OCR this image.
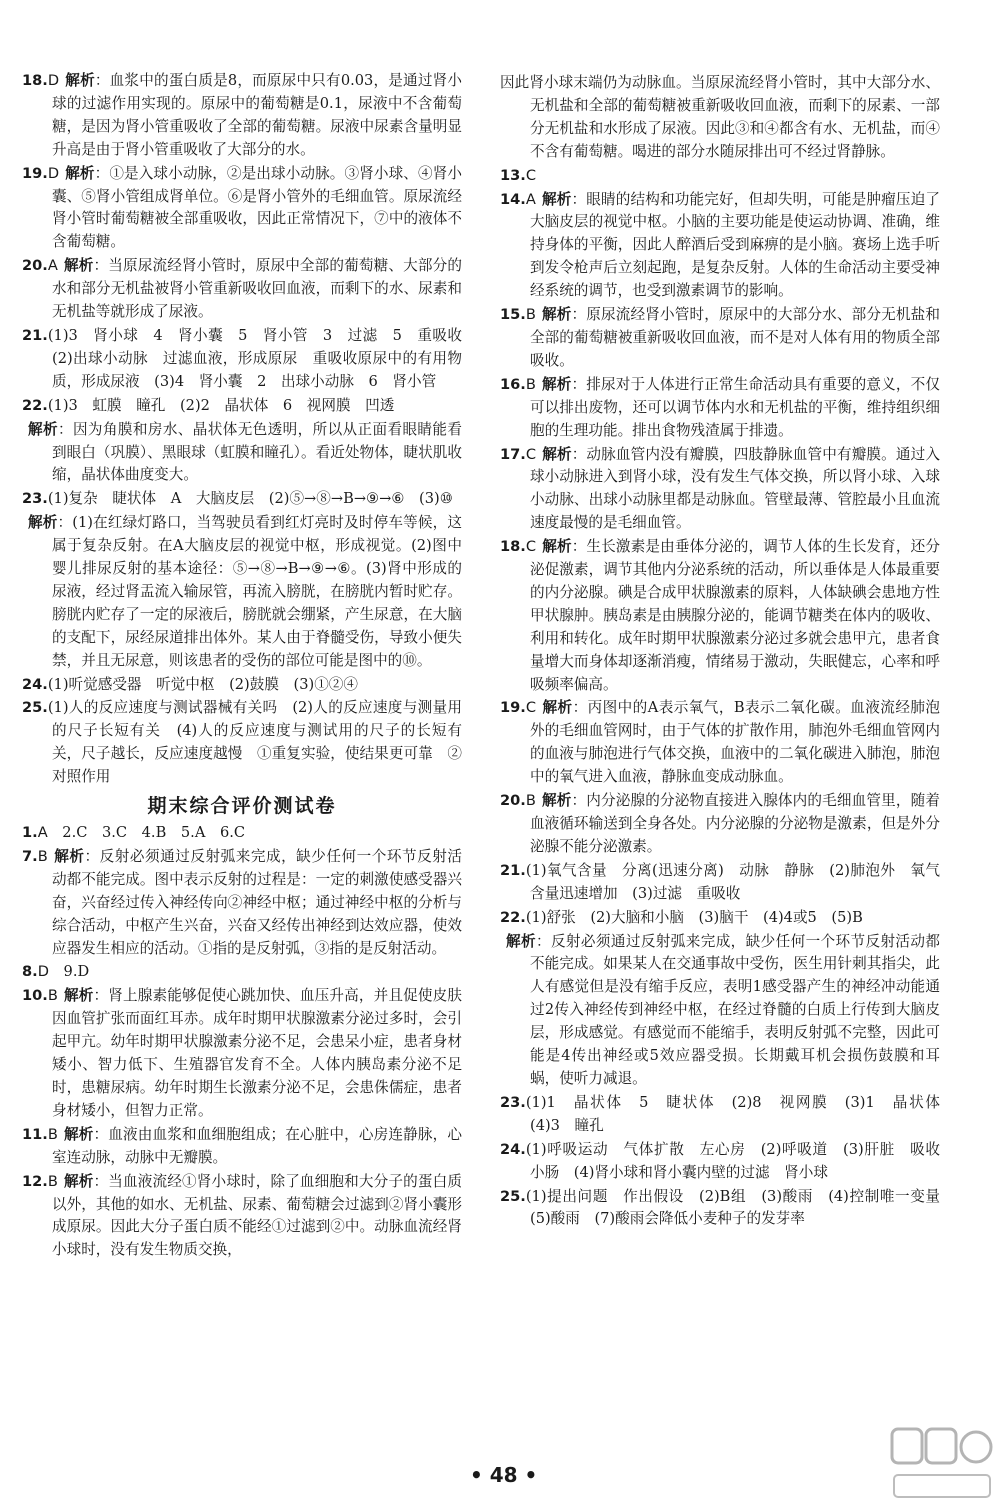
18.D 解析：血浆中的蛋白质是8，而原尿中只有0.03，是通过肾小球的过滤作用实现的。原尿中的葡萄糖是0.1，尿液中不含葡萄糖，是因为肾小管重吸收了全部的葡萄糖。尿液中尿素含量明显升高是由于肾小管重吸收了大部分的水。
19.D 解析：①是入球小动脉，②是出球小动脉。③肾小球、④肾小囊、⑤肾小管组成肾单位。⑥是肾小管外的毛细血管。原尿流经肾小管时葡萄糖被全部重吸收，因此正常情况下，⑦中的液体不含葡萄糖。
20.A 解析：当原尿流经肾小管时，原尿中全部的葡萄糖、大部分的水和部分无机盐被肾小管重新吸收回血液，而剩下的水、尿素和无机盐等就形成了尿液。
21.(1)3　肾小球　4　肾小囊　5　肾小管　3　过滤　5　重吸收　(2)出球小动脉　过滤血液，形成原尿　重吸收原尿中的有用物质，形成尿液　(3)4　肾小囊　2　出球小动脉　6　肾小管
22.(1)3　虹膜　瞳孔　(2)2　晶状体　6　视网膜　凹透
解析：因为角膜和房水、晶状体无色透明，所以从正面看眼睛能看到眼白（巩膜）、黑眼球（虹膜和瞳孔）。看近处物体，睫状肌收缩，晶状体曲度变大。
23.(1)复杂　睫状体　A　大脑皮层　(2)⑤→⑧→B→⑨→⑥　(3)⑩
解析：(1)在红绿灯路口，当驾驶员看到红灯亮时及时停车等候，这属于复杂反射。在A大脑皮层的视觉中枢，形成视觉。(2)图中婴儿排尿反射的基本途径：⑤→⑧→B→⑨→⑥。(3)肾中形成的尿液，经过肾盂流入输尿管，再流入膀胱，在膀胱内暂时贮存。膀胱内贮存了一定的尿液后，膀胱就会绷紧，产生尿意，在大脑的支配下，尿经尿道排出体外。某人由于脊髓受伤，导致小便失禁，并且无尿意，则该患者的受伤的部位可能是图中的⑩。
24.(1)听觉感受器　听觉中枢　(2)鼓膜　(3)①②④
25.(1)人的反应速度与测试器械有关吗　(2)人的反应速度与测量用的尺子长短有关　(4)人的反应速度与测试用的尺子的长短有关，尺子越长，反应速度越慢　①重复实验，使结果更可靠　②对照作用
期末综合评价测试卷
1.A　2.C　3.C　4.B　5.A　6.C
7.B 解析：反射必须通过反射弧来完成，缺少任何一个环节反射活动都不能完成。图中表示反射的过程是：一定的刺激使感受器兴奋，兴奋经过传入神经传向②神经中枢；通过神经中枢的分析与综合活动，中枢产生兴奋，兴奋又经传出神经到达效应器，使效应器发生相应的活动。①指的是反射弧，③指的是反射活动。
8.D　9.D
10.B 解析：肾上腺素能够促使心跳加快、血压升高，并且促使皮肤因血管扩张而面红耳赤。成年时期甲状腺激素分泌过多时，会引起甲亢。幼年时期甲状腺激素分泌不足，会患呆小症，患者身材矮小、智力低下、生殖器官发育不全。人体内胰岛素分泌不足时，患糖尿病。幼年时期生长激素分泌不足，会患侏儒症，患者身材矮小，但智力正常。
11.B 解析：血液由血浆和血细胞组成；在心脏中，心房连静脉，心室连动脉，动脉中无瓣膜。
12.B 解析：当血液流经①肾小球时，除了血细胞和大分子的蛋白质以外，其他的如水、无机盐、尿素、葡萄糖会过滤到②肾小囊形成原尿。因此大分子蛋白质不能经①过滤到②中。动脉血流经肾小球时，没有发生物质交换，
因此肾小球末端仍为动脉血。当原尿流经肾小管时，其中大部分水、无机盐和全部的葡萄糖被重新吸收回血液，而剩下的尿素、一部分无机盐和水形成了尿液。因此③和④都含有水、无机盐，而④不含有葡萄糖。喝进的部分水随尿排出可不经过肾静脉。
13.C
14.A 解析：眼睛的结构和功能完好，但却失明，可能是肿瘤压迫了大脑皮层的视觉中枢。小脑的主要功能是使运动协调、准确，维持身体的平衡，因此人醉酒后受到麻痹的是小脑。赛场上选手听到发令枪声后立刻起跑，是复杂反射。人体的生命活动主要受神经系统的调节，也受到激素调节的影响。
15.B 解析：原尿流经肾小管时，原尿中的大部分水、部分无机盐和全部的葡萄糖被重新吸收回血液，而不是对人体有用的物质全部吸收。
16.B 解析：排尿对于人体进行正常生命活动具有重要的意义，不仅可以排出废物，还可以调节体内水和无机盐的平衡，维持组织细胞的生理功能。排出食物残渣属于排遗。
17.C 解析：动脉血管内没有瓣膜，四肢静脉血管中有瓣膜。通过入球小动脉进入到肾小球，没有发生气体交换，所以肾小球、入球小动脉、出球小动脉里都是动脉血。管壁最薄、管腔最小且血流速度最慢的是毛细血管。
18.C 解析：生长激素是由垂体分泌的，调节人体的生长发育，还分泌促激素，调节其他内分泌系统的活动，所以垂体是人体最重要的内分泌腺。碘是合成甲状腺激素的原料，人体缺碘会患地方性甲状腺肿。胰岛素是由胰腺分泌的，能调节糖类在体内的吸收、利用和转化。成年时期甲状腺激素分泌过多就会患甲亢，患者食量增大而身体却逐渐消瘦，情绪易于激动，失眠健忘，心率和呼吸频率偏高。
19.C 解析：丙图中的A表示氧气，B表示二氧化碳。血液流经肺泡外的毛细血管网时，由于气体的扩散作用，肺泡外毛细血管网内的血液与肺泡进行气体交换，血液中的二氧化碳进入肺泡，肺泡中的氧气进入血液，静脉血变成动脉血。
20.B 解析：内分泌腺的分泌物直接进入腺体内的毛细血管里，随着血液循环输送到全身各处。内分泌腺的分泌物是激素，但是外分泌腺不能分泌激素。
21.(1)氧气含量　分离(迅速分离)　动脉　静脉　(2)肺泡外　氧气含量迅速增加　(3)过滤　重吸收
22.(1)舒张　(2)大脑和小脑　(3)脑干　(4)4或5　(5)B
解析：反射必须通过反射弧来完成，缺少任何一个环节反射活动都不能完成。如果某人在交通事故中受伤，医生用针刺其指尖，此人有感觉但是没有缩手反应，表明1感受器产生的神经冲动能通过2传入神经传到神经中枢，在经过脊髓的白质上行传到大脑皮层，形成感觉。有感觉而不能缩手，表明反射弧不完整，因此可能是4传出神经或5效应器受损。长期戴耳机会损伤鼓膜和耳蜗，使听力减退。
23.(1)1　晶状体　5　睫状体　(2)8　视网膜　(3)1　晶状体　(4)3　瞳孔
24.(1)呼吸运动　气体扩散　左心房　(2)呼吸道　(3)肝脏　吸收　小肠　(4)肾小球和肾小囊内壁的过滤　肾小球
25.(1)提出问题　作出假设　(2)B组　(3)酸雨　(4)控制唯一变量　(5)酸雨　(7)酸雨会降低小麦种子的发芽率
• 48 •
